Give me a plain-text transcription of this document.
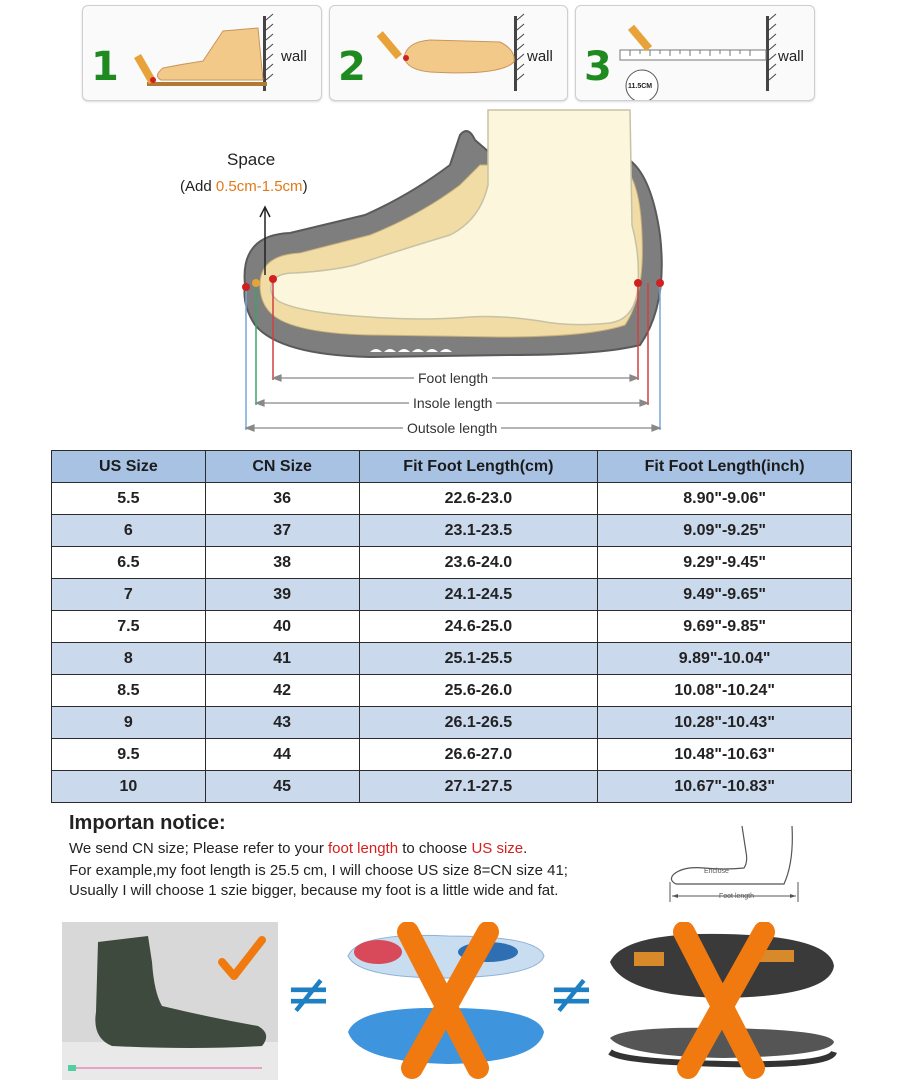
1	wall 2	wall 3	wall
11.5CM
Space
(Add 0.5cm-1.5cm)
Foot length
Insole length
Outsole length
US Size	CN Size	Fit Foot Length(cm)	Fit Foot Length(inch)
5.5	36	22.6-23.0	8.90"-9.06"
6	37	23.1-23.5	9.09"-9.25"
6.5	38	23.6-24.0	9.29"-9.45"
7	39	24.1-24.5	9.49"-9.65"
7.5	40	24.6-25.0	9.69"-9.85"
8	41	25.1-25.5	9.89"-10.04"
8.5	42	25.6-26.0	10.08"-10.24"
9	43	26.1-26.5	10.28"-10.43"
9.5	44	26.6-27.0	10.48"-10.63"
10	45	27.1-27.5	10.67"-10.83"
Importan notice:
We send CN size; Please refer to your foot length to choose US size.
For example,my foot length is 25.5 cm, I will choose US size 8=CN size 41;
Usually I will choose 1 szie bigger, because my foot is a little wide and fat.
Enclose
Foot length
≠	≠
